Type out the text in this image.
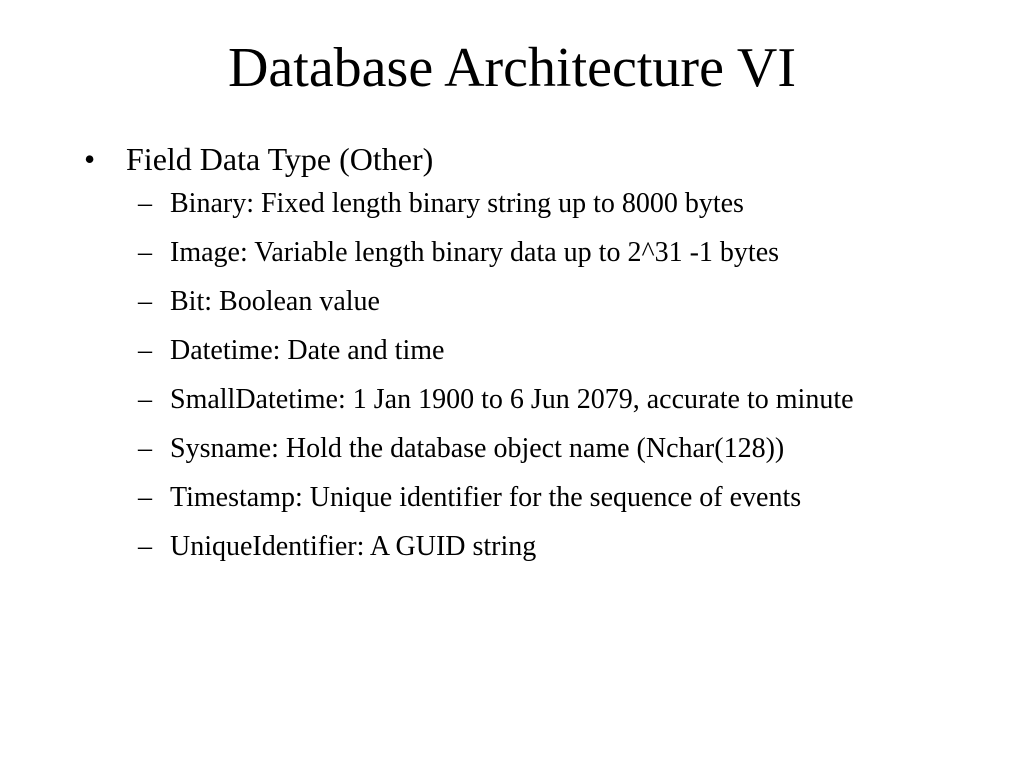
Database Architecture VI
• Field Data Type (Other)
– Binary: Fixed length binary string up to 8000 bytes
– Image: Variable length binary data up to 2^31 -1 bytes
– Bit: Boolean value
– Datetime: Date and time
– SmallDatetime: 1 Jan 1900 to 6 Jun 2079, accurate to minute
– Sysname: Hold the database object name (Nchar(128))
– Timestamp: Unique identifier for the sequence of events
– UniqueIdentifier: A GUID string
